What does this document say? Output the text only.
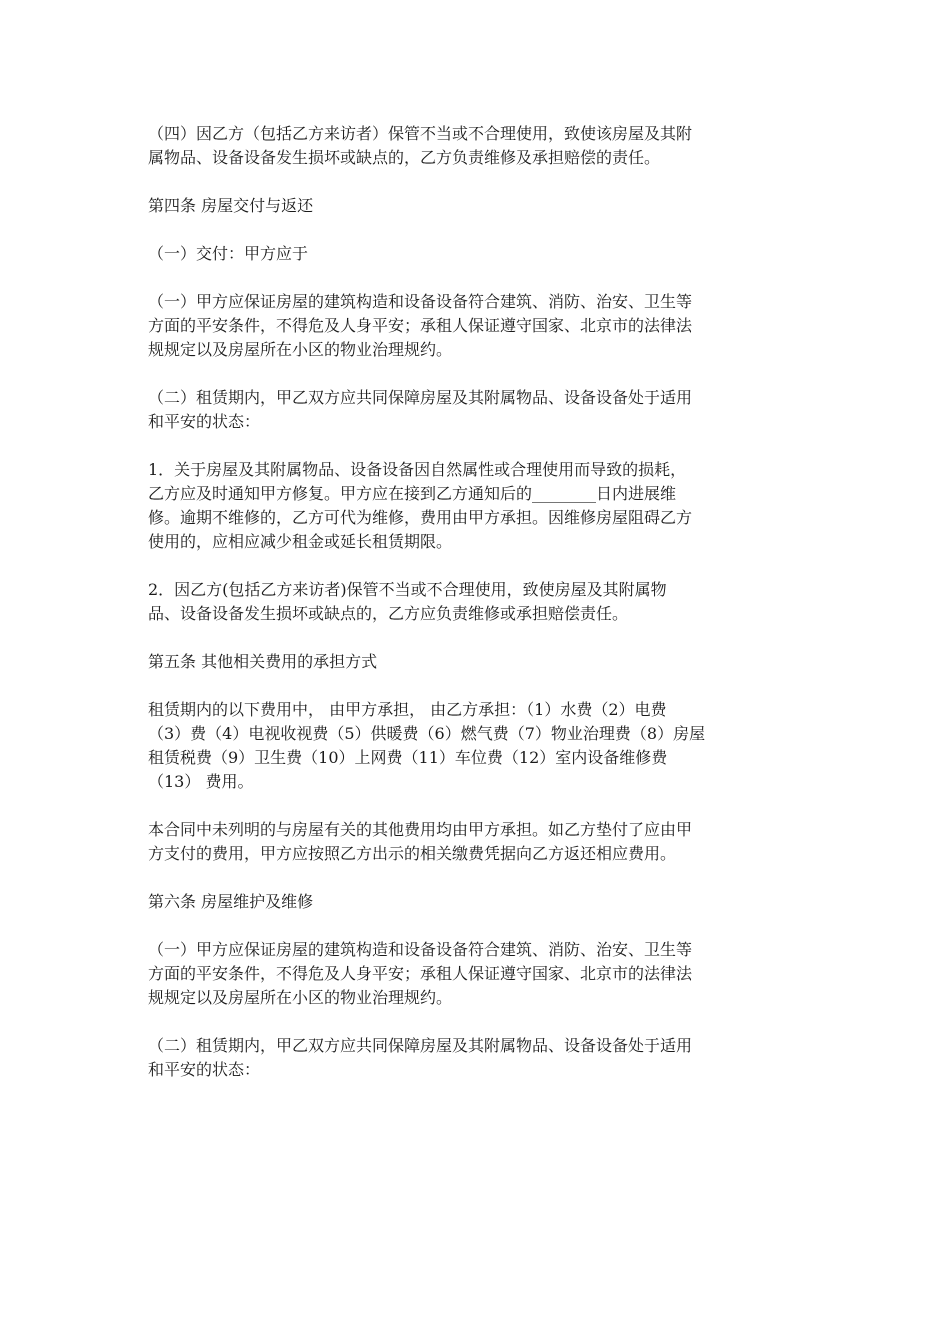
（四）因乙方（包括乙方来访者）保管不当或不合理使用，致使该房屋及其附
属物品、设备设备发生损坏或缺点的，乙方负责维修及承担赔偿的责任。
第四条 房屋交付与返还
（一）交付：甲方应于
（一）甲方应保证房屋的建筑构造和设备设备符合建筑、消防、治安、卫生等
方面的平安条件，不得危及人身平安；承租人保证遵守国家、北京市的法律法
规规定以及房屋所在小区的物业治理规约。
（二）租赁期内，甲乙双方应共同保障房屋及其附属物品、设备设备处于适用
和平安的状态：
1．关于房屋及其附属物品、设备设备因自然属性或合理使用而导致的损耗，
乙方应及时通知甲方修复。甲方应在接到乙方通知后的________日内进展维
修。逾期不维修的，乙方可代为维修，费用由甲方承担。因维修房屋阻碍乙方
使用的，应相应减少租金或延长租赁期限。
2．因乙方(包括乙方来访者)保管不当或不合理使用，致使房屋及其附属物
品、设备设备发生损坏或缺点的，乙方应负责维修或承担赔偿责任。
第五条 其他相关费用的承担方式
租赁期内的以下费用中， 由甲方承担， 由乙方承担：（1）水费（2）电费
（3）费（4）电视收视费（5）供暖费（6）燃气费（7）物业治理费（8）房屋
租赁税费（9）卫生费（10）上网费（11）车位费（12）室内设备维修费
（13） 费用。
本合同中未列明的与房屋有关的其他费用均由甲方承担。如乙方垫付了应由甲
方支付的费用，甲方应按照乙方出示的相关缴费凭据向乙方返还相应费用。
第六条 房屋维护及维修
（一）甲方应保证房屋的建筑构造和设备设备符合建筑、消防、治安、卫生等
方面的平安条件，不得危及人身平安；承租人保证遵守国家、北京市的法律法
规规定以及房屋所在小区的物业治理规约。
（二）租赁期内，甲乙双方应共同保障房屋及其附属物品、设备设备处于适用
和平安的状态：
